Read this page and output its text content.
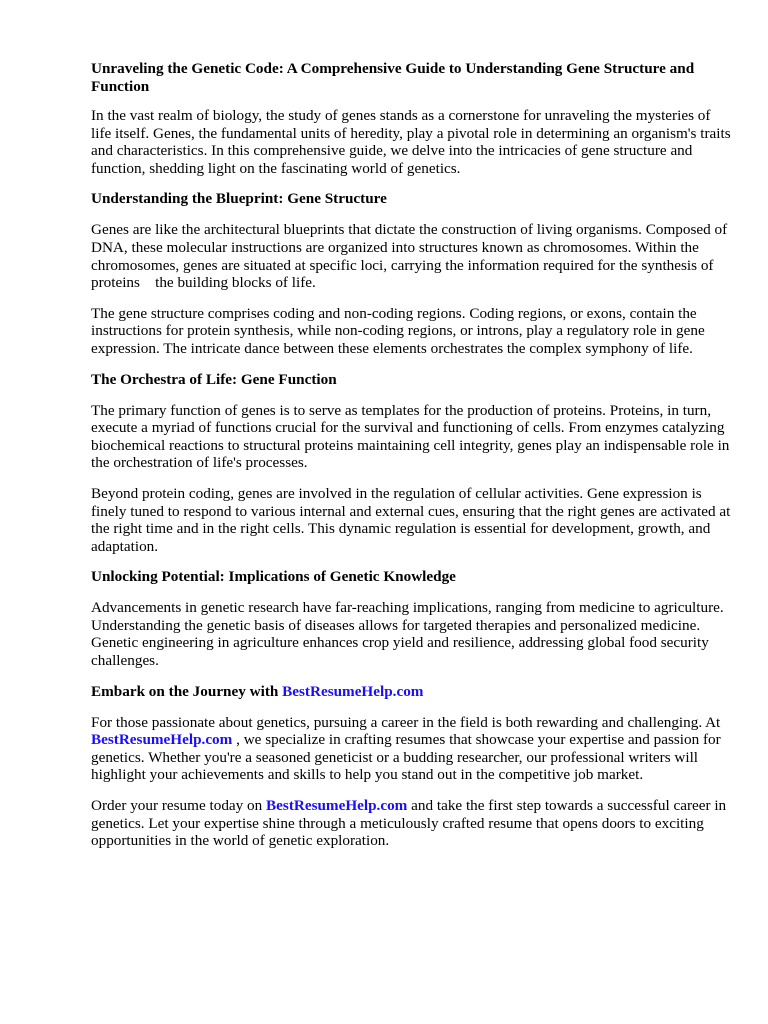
Unraveling the Genetic Code: A Comprehensive Guide to Understanding Gene Structure and Function

In the vast realm of biology, the study of genes stands as a cornerstone for unraveling the mysteries of life itself. Genes, the fundamental units of heredity, play a pivotal role in determining an organism's traits and characteristics. In this comprehensive guide, we delve into the intricacies of gene structure and function, shedding light on the fascinating world of genetics.

Understanding the Blueprint: Gene Structure

Genes are like the architectural blueprints that dictate the construction of living organisms. Composed of DNA, these molecular instructions are organized into structures known as chromosomes. Within the chromosomes, genes are situated at specific loci, carrying the information required for the synthesis of proteins    the building blocks of life.

The gene structure comprises coding and non-coding regions. Coding regions, or exons, contain the instructions for protein synthesis, while non-coding regions, or introns, play a regulatory role in gene expression. The intricate dance between these elements orchestrates the complex symphony of life.

The Orchestra of Life: Gene Function

The primary function of genes is to serve as templates for the production of proteins. Proteins, in turn, execute a myriad of functions crucial for the survival and functioning of cells. From enzymes catalyzing biochemical reactions to structural proteins maintaining cell integrity, genes play an indispensable role in the orchestration of life's processes.

Beyond protein coding, genes are involved in the regulation of cellular activities. Gene expression is finely tuned to respond to various internal and external cues, ensuring that the right genes are activated at the right time and in the right cells. This dynamic regulation is essential for development, growth, and adaptation.

Unlocking Potential: Implications of Genetic Knowledge

Advancements in genetic research have far-reaching implications, ranging from medicine to agriculture. Understanding the genetic basis of diseases allows for targeted therapies and personalized medicine. Genetic engineering in agriculture enhances crop yield and resilience, addressing global food security challenges.

Embark on the Journey with BestResumeHelp.com

For those passionate about genetics, pursuing a career in the field is both rewarding and challenging. At BestResumeHelp.com , we specialize in crafting resumes that showcase your expertise and passion for genetics. Whether you're a seasoned geneticist or a budding researcher, our professional writers will highlight your achievements and skills to help you stand out in the competitive job market.

Order your resume today on BestResumeHelp.com and take the first step towards a successful career in genetics. Let your expertise shine through a meticulously crafted resume that opens doors to exciting opportunities in the world of genetic exploration.
